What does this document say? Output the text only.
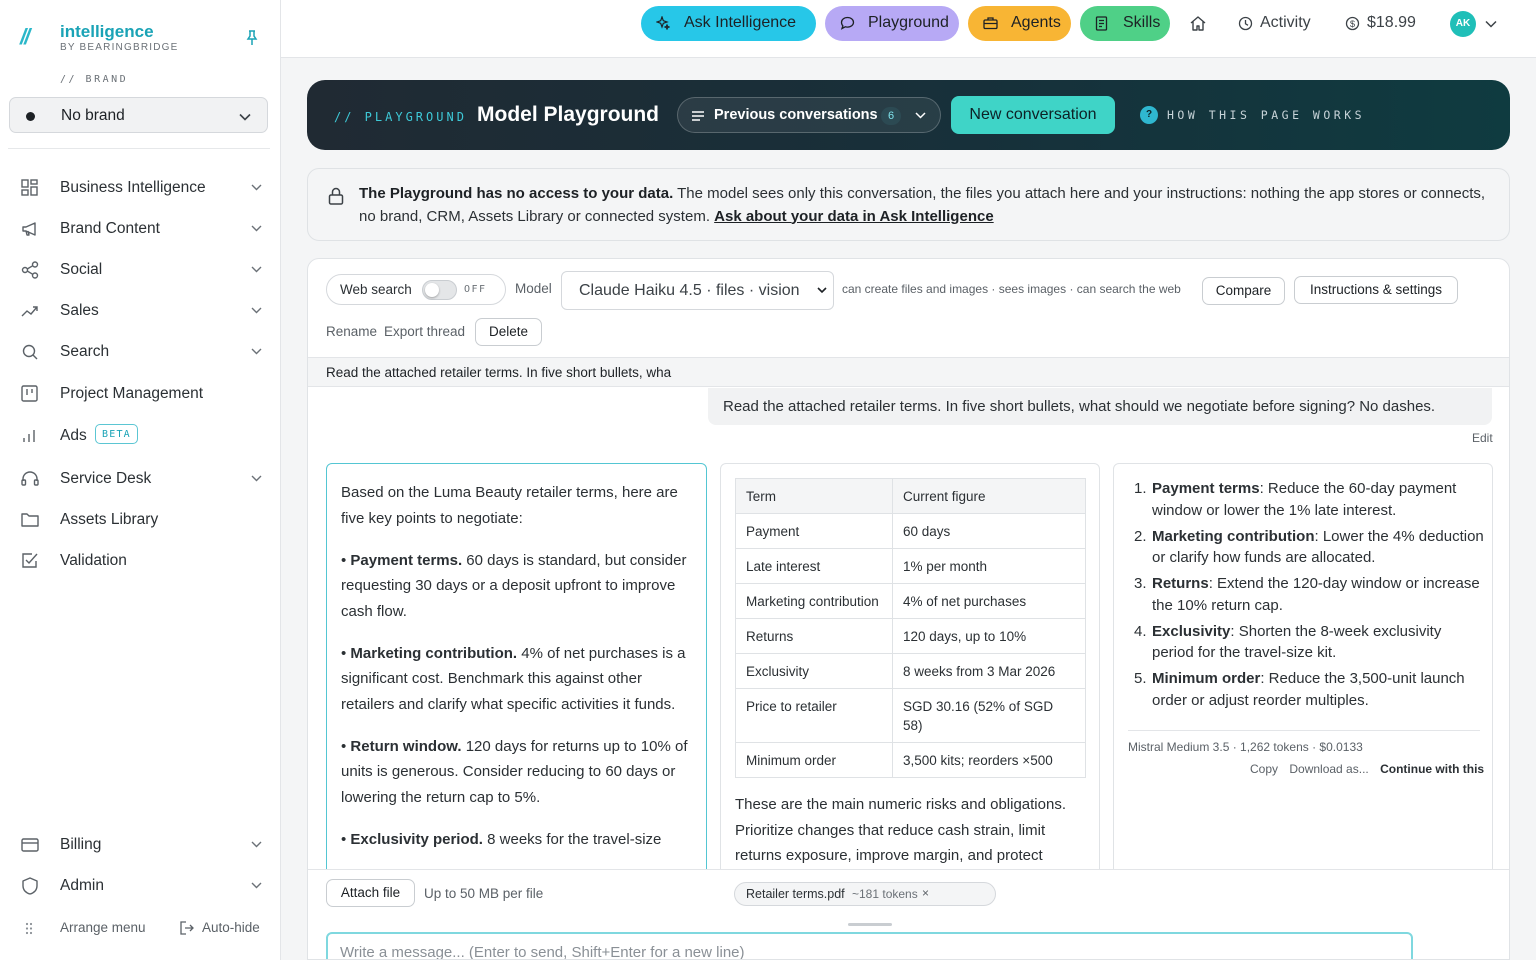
// intelligence
BY BEARINGBRIDGE
// BRAND
No brand
Business Intelligence
Brand Content
Social
Sales
Search
Project Management
Ads	BETA
Service Desk
Assets Library
Validation
Billing
Admin
Arrange menu	Auto-hide
Ask Intelligence	Playground	Agents	Skills	Activity	$ $18.99	AK
// PLAYGROUND Model Playground	Previous conversations 6	New conversation	?	HOW THIS PAGE WORKS

The Playground has no access to your data. The model sees only this conversation, the files you attach here and your instructions: nothing the app stores or connects, no brand, CRM, Assets Library or connected system. Ask about your data in Ask Intelligence

Web search	OFF Model Claude Haiku 4.5 · files · vision	can create files and images · sees images · can search the web	Compare	Instructions & settings
Rename Export thread	Delete
Read the attached retailer terms. In five short bullets, wha
Read the attached retailer terms. In five short bullets, what should we negotiate before signing? No dashes.
Edit

Based on the Luma Beauty retailer terms, here are five key points to negotiate:

• Payment terms. 60 days is standard, but consider requesting 30 days or a deposit upfront to improve cash flow.

• Marketing contribution. 4% of net purchases is a significant cost. Benchmark this against other retailers and clarify what specific activities it funds.

• Return window. 120 days for returns up to 10% of units is generous. Consider reducing to 60 days or lowering the return cap to 5%.

• Exclusivity period. 8 weeks for the travel-size

Term	Current figure
Payment	60 days
Late interest	1% per month
Marketing contribution	4% of net purchases
Returns	120 days, up to 10%
Exclusivity	8 weeks from 3 Mar 2026
Price to retailer	SGD 30.16 (52% of SGD 58)
Minimum order	3,500 kits; reorders ×500

These are the main numeric risks and obligations. Prioritize changes that reduce cash strain, limit returns exposure, improve margin, and protect

1. Payment terms: Reduce the 60-day payment window or lower the 1% late interest.
2. Marketing contribution: Lower the 4% deduction or clarify how funds are allocated.
3. Returns: Extend the 120-day window or increase the 10% return cap.
4. Exclusivity: Shorten the 8-week exclusivity period for the travel-size kit.
5. Minimum order: Reduce the 3,500-unit launch order or adjust reorder multiples.
Mistral Medium 3.5 · 1,262 tokens · $0.0133
Copy Download as... Continue with this
Attach file	Up to 50 MB per file	Retailer terms.pdf ~181 tokens ×
Write a message... (Enter to send, Shift+Enter for a new line)
